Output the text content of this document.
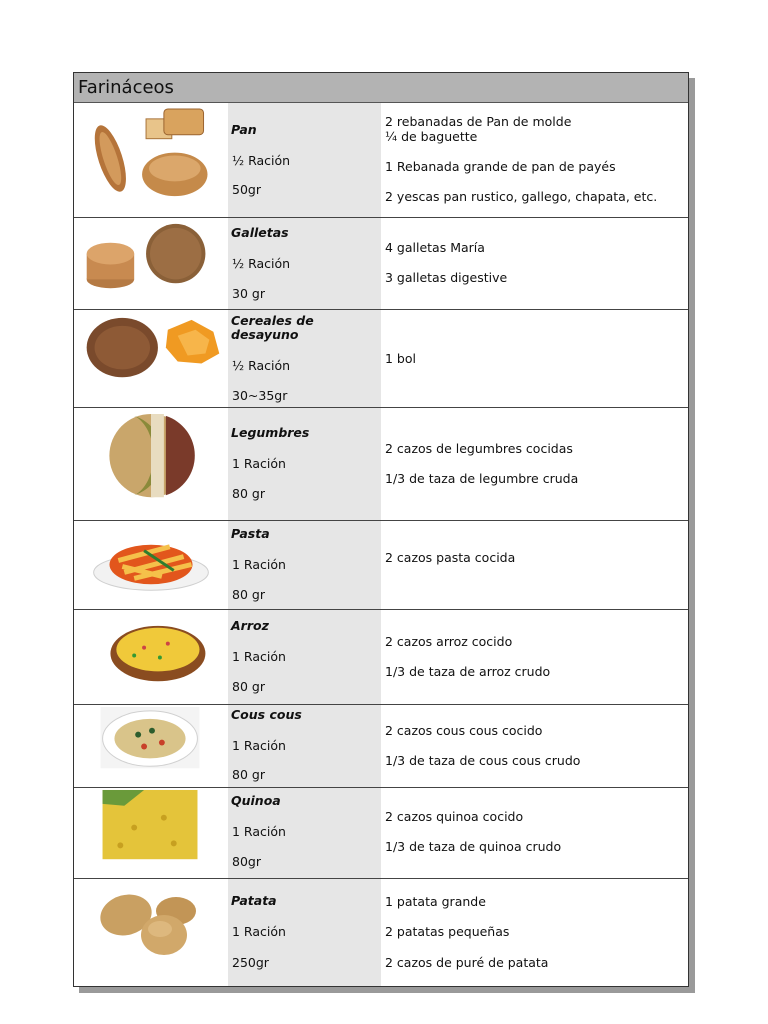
Farináceos
Pan
½ Ración
50gr
2 rebanadas de Pan de molde
¼ de baguette
1 Rebanada grande de pan de payés
2 yescas pan rustico, gallego, chapata, etc.
Galletas
½ Ración
30 gr
4 galletas María
3 galletas digestive
Cereales de desayuno
½ Ración
30~35gr
1 bol
Legumbres
1 Ración
80 gr
2 cazos de legumbres cocidas
1/3 de taza de legumbre cruda
Pasta
1 Ración
80 gr
2 cazos pasta cocida
Arroz
1 Ración
80 gr
2 cazos arroz cocido
1/3 de taza de arroz crudo
Cous cous
1 Ración
80 gr
2 cazos cous cous cocido
1/3 de taza de cous cous crudo
Quinoa
1 Ración
80gr
2 cazos quinoa cocido
1/3 de taza de quinoa crudo
Patata
1 Ración
250gr
1 patata grande
2 patatas pequeñas
2 cazos de puré de patata
